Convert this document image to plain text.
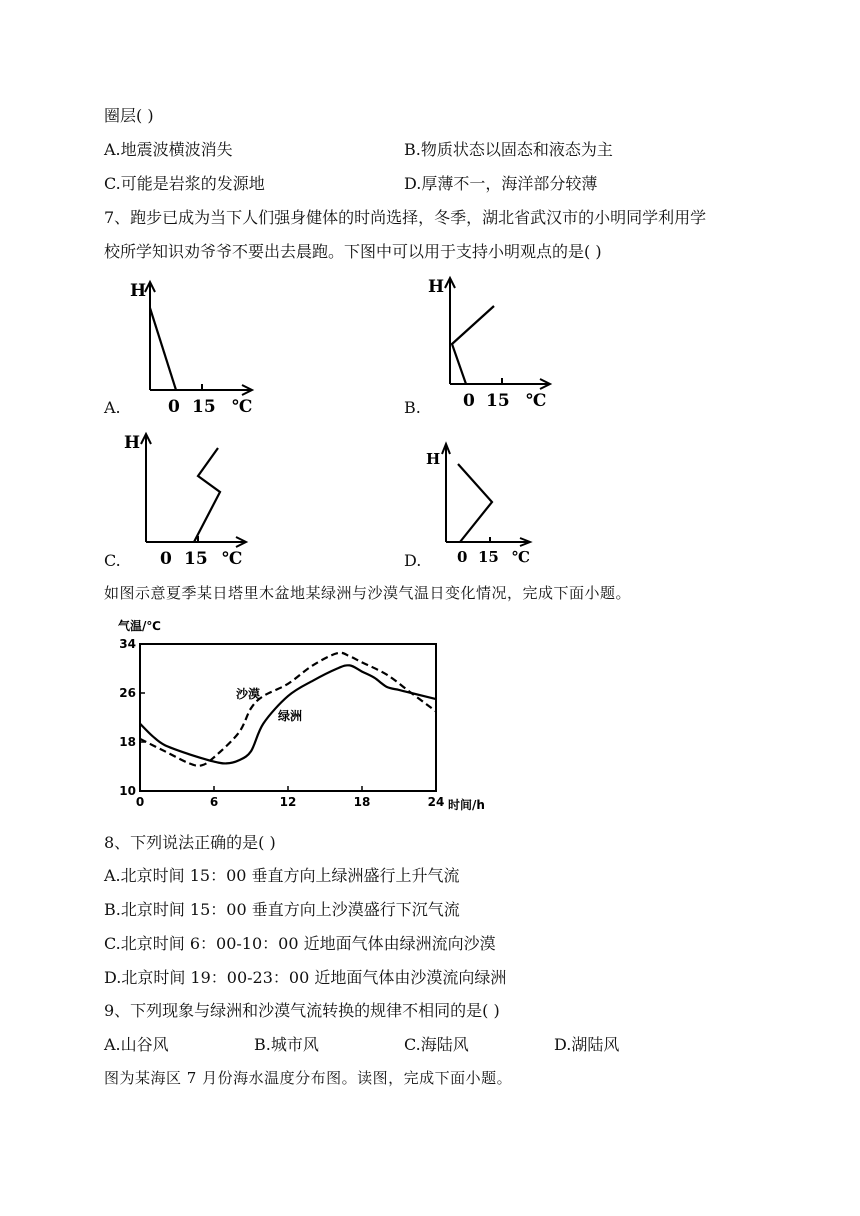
圈层( )
A.地震波横波消失	B.物质状态以固态和液态为主
C.可能是岩浆的发源地	D.厚薄不一，海洋部分较薄
7、跑步已成为当下人们强身健体的时尚选择，冬季，湖北省武汉市的小明同学利用学
校所学知识劝爷爷不要出去晨跑。下图中可以用于支持小明观点的是( )
H
0 15 ℃
A.
H
0 15 ℃
B.
H
0 15 ℃
C.
H
0 15 ℃
D.
如图示意夏季某日塔里木盆地某绿洲与沙漠气温日变化情况，完成下面小题。
气温/℃
10
18
26
34
0	6	12	18	24
沙漠
绿洲
时间/h
8、下列说法正确的是( )
A.北京时间 15：00 垂直方向上绿洲盛行上升气流
B.北京时间 15：00 垂直方向上沙漠盛行下沉气流
C.北京时间 6：00-10：00 近地面气体由绿洲流向沙漠
D.北京时间 19：00-23：00 近地面气体由沙漠流向绿洲
9、下列现象与绿洲和沙漠气流转换的规律不相同的是( )
A.山谷风	B.城市风	C.海陆风	D.湖陆风
图为某海区 7 月份海水温度分布图。读图，完成下面小题。
